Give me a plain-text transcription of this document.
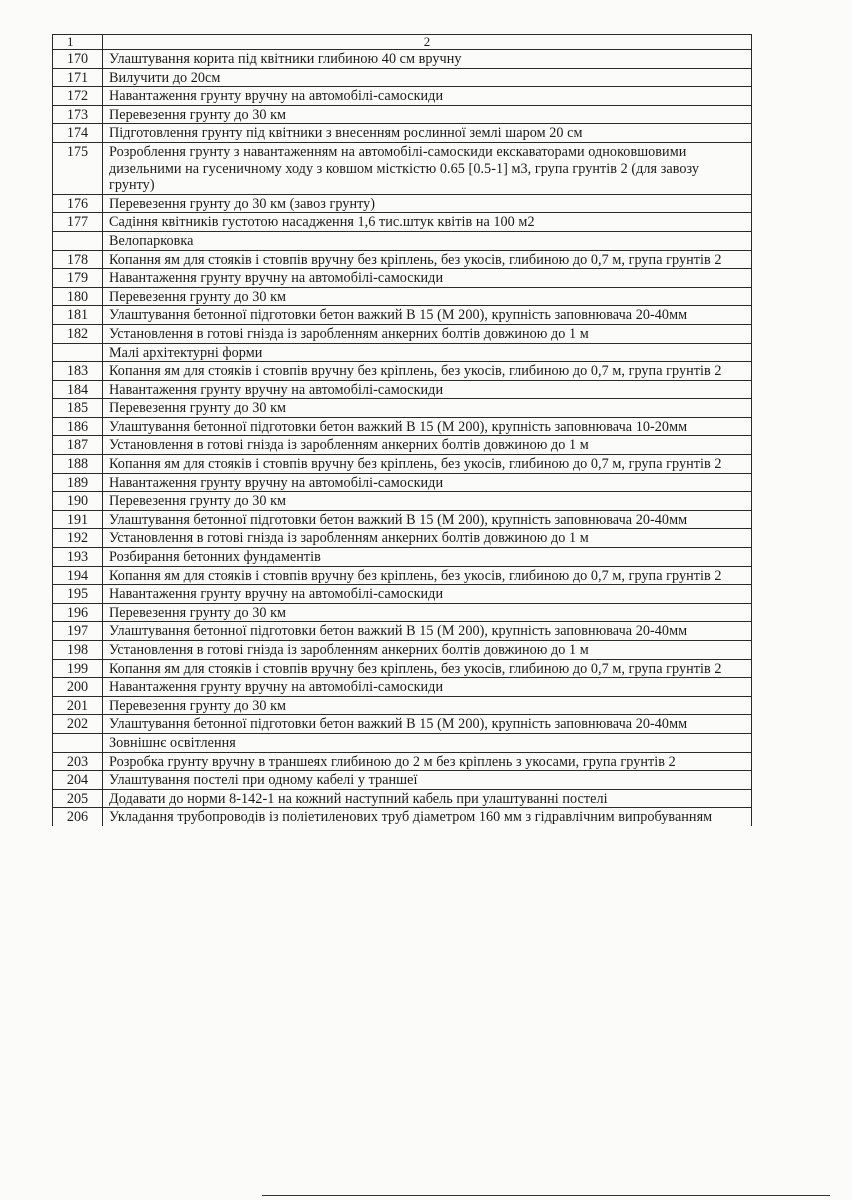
1	2
170	Улаштування корита під квітники глибиною 40 см вручну
171	Вилучити до 20см
172	Навантаження грунту вручну на автомобілі-самоскиди
173	Перевезення грунту до 30 км
174	Підготовлення грунту під квітники з внесенням рослинної землі шаром 20 см
175	Розроблення грунту з навантаженням на автомобілі-самоскиди екскаваторами одноковшовими дизельними на гусеничному ходу з ковшом місткістю 0.65 [0.5-1] м3, група грунтів 2 (для завозу грунту)
176	Перевезення грунту до 30 км (завоз грунту)
177	Садіння квітників густотою насадження 1,6 тис.штук квітів на 100 м2
	Велопарковка
178	Копання ям для стояків і стовпів вручну без кріплень, без укосів, глибиною до 0,7 м, група грунтів 2
179	Навантаження грунту вручну на автомобілі-самоскиди
180	Перевезення грунту до 30 км
181	Улаштування бетонної підготовки бетон важкий В 15 (М 200), крупність заповнювача 20-40мм
182	Установлення в готові гнізда із заробленням анкерних болтів довжиною до 1 м
	Малі архітектурні форми
183	Копання ям для стояків і стовпів вручну без кріплень, без укосів, глибиною до 0,7 м, група грунтів 2
184	Навантаження грунту вручну на автомобілі-самоскиди
185	Перевезення грунту до 30 км
186	Улаштування бетонної підготовки бетон важкий В 15 (М 200), крупність заповнювача 10-20мм
187	Установлення в готові гнізда із заробленням анкерних болтів довжиною до 1 м
188	Копання ям для стояків і стовпів вручну без кріплень, без укосів, глибиною до 0,7 м, група грунтів 2
189	Навантаження грунту вручну на автомобілі-самоскиди
190	Перевезення грунту до 30 км
191	Улаштування бетонної підготовки бетон важкий В 15 (М 200), крупність заповнювача 20-40мм
192	Установлення в готові гнізда із заробленням анкерних болтів довжиною до 1 м
193	Розбирання бетонних фундаментів
194	Копання ям для стояків і стовпів вручну без кріплень, без укосів, глибиною до 0,7 м, група грунтів 2
195	Навантаження грунту вручну на автомобілі-самоскиди
196	Перевезення грунту до 30 км
197	Улаштування бетонної підготовки бетон важкий В 15 (М 200), крупність заповнювача 20-40мм
198	Установлення в готові гнізда із заробленням анкерних болтів довжиною до 1 м
199	Копання ям для стояків і стовпів вручну без кріплень, без укосів, глибиною до 0,7 м, група грунтів 2
200	Навантаження грунту вручну на автомобілі-самоскиди
201	Перевезення грунту до 30 км
202	Улаштування бетонної підготовки бетон важкий В 15 (М 200), крупність заповнювача 20-40мм
	Зовнішнє освітлення
203	Розробка грунту вручну в траншеях глибиною до 2 м без кріплень з укосами, група грунтів 2
204	Улаштування постелі при одному кабелі у траншеї
205	Додавати до норми 8-142-1 на кожний наступний кабель при улаштуванні постелі
206	Укладання трубопроводів із поліетиленових труб діаметром 160 мм з гідравлічним випробуванням
